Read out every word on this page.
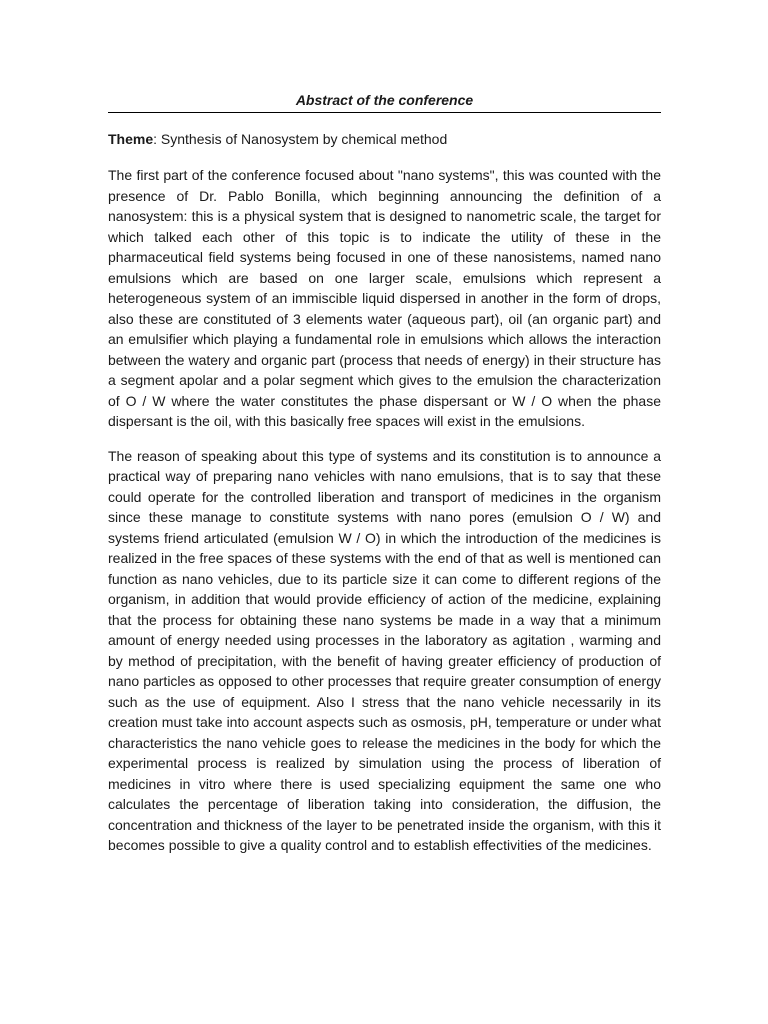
Abstract of the conference

Theme: Synthesis of Nanosystem by chemical method

The first part of the conference focused about "nano systems", this was counted with the presence of Dr. Pablo Bonilla, which beginning announcing the definition of a nanosystem: this is a physical system that is designed to nanometric scale, the target for which talked each other of this topic is to indicate the utility of these in the pharmaceutical field systems being focused in one of these nanosistems, named nano emulsions which are based on one larger scale, emulsions which represent a heterogeneous system of an immiscible liquid dispersed in another in the form of drops, also these are constituted of 3 elements water (aqueous part), oil (an organic part) and an emulsifier which playing a fundamental role in emulsions which allows the interaction between the watery and organic part (process that needs of energy) in their structure has a segment apolar and a polar segment which gives to the emulsion the characterization of O / W where the water constitutes the phase dispersant or W / O when the phase dispersant is the oil, with this basically free spaces will exist in the emulsions.

The reason of speaking about this type of systems and its constitution is to announce a practical way of preparing nano vehicles with nano emulsions, that is to say that these could operate for the controlled liberation and transport of medicines in the organism since these manage to constitute systems with nano pores (emulsion O / W) and systems friend articulated (emulsion W / O) in which the introduction of the medicines is realized in the free spaces of these systems with the end of that as well is mentioned can function as nano vehicles, due to its particle size it can come to different regions of the organism, in addition that would provide efficiency of action of the medicine, explaining that the process for obtaining these nano systems be made in a way that a minimum amount of energy needed using processes in the laboratory as agitation , warming and by method of precipitation, with the benefit of having greater efficiency of production of nano particles as opposed to other processes that require greater consumption of energy such as the use of equipment. Also I stress that the nano vehicle necessarily in its creation must take into account aspects such as osmosis, pH, temperature or under what characteristics the nano vehicle goes to release the medicines in the body for which the experimental process is realized by simulation using the process of liberation of medicines in vitro where there is used specializing equipment the same one who calculates the percentage of liberation taking into consideration, the diffusion, the concentration and thickness of the layer to be penetrated inside the organism, with this it becomes possible to give a quality control and to establish effectivities of the medicines.
